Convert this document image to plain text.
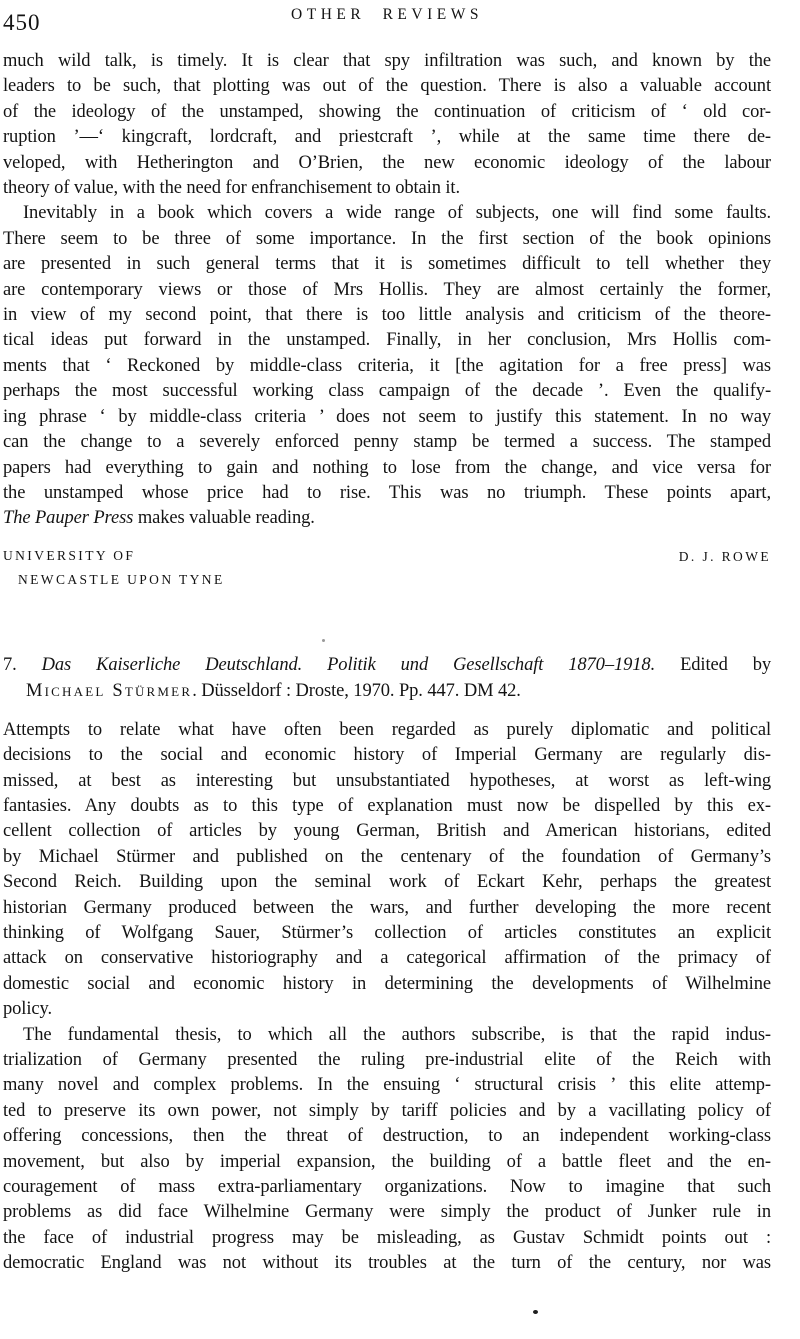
450	OTHER REVIEWS
much wild talk, is timely. It is clear that spy infiltration was such, and known by the
leaders to be such, that plotting was out of the question. There is also a valuable account
of the ideology of the unstamped, showing the continuation of criticism of ‘ old cor-
ruption ’—‘ kingcraft, lordcraft, and priestcraft ’, while at the same time there de-
veloped, with Hetherington and O’Brien, the new economic ideology of the labour
theory of value, with the need for enfranchisement to obtain it.
Inevitably in a book which covers a wide range of subjects, one will find some faults.
There seem to be three of some importance. In the first section of the book opinions
are presented in such general terms that it is sometimes difficult to tell whether they
are contemporary views or those of Mrs Hollis. They are almost certainly the former,
in view of my second point, that there is too little analysis and criticism of the theore-
tical ideas put forward in the unstamped. Finally, in her conclusion, Mrs Hollis com-
ments that ‘ Reckoned by middle-class criteria, it [the agitation for a free press] was
perhaps the most successful working class campaign of the decade ’. Even the qualify-
ing phrase ‘ by middle-class criteria ’ does not seem to justify this statement. In no way
can the change to a severely enforced penny stamp be termed a success. The stamped
papers had everything to gain and nothing to lose from the change, and vice versa for
the unstamped whose price had to rise. This was no triumph. These points apart,
The Pauper Press makes valuable reading.
UNIVERSITY OF
NEWCASTLE UPON TYNE
D. J. ROWE
7. Das Kaiserliche Deutschland. Politik und Gesellschaft 1870–1918. Edited by
Michael Stürmer. Düsseldorf : Droste, 1970. Pp. 447. DM 42.
Attempts to relate what have often been regarded as purely diplomatic and political
decisions to the social and economic history of Imperial Germany are regularly dis-
missed, at best as interesting but unsubstantiated hypotheses, at worst as left-wing
fantasies. Any doubts as to this type of explanation must now be dispelled by this ex-
cellent collection of articles by young German, British and American historians, edited
by Michael Stürmer and published on the centenary of the foundation of Germany’s
Second Reich. Building upon the seminal work of Eckart Kehr, perhaps the greatest
historian Germany produced between the wars, and further developing the more recent
thinking of Wolfgang Sauer, Stürmer’s collection of articles constitutes an explicit
attack on conservative historiography and a categorical affirmation of the primacy of
domestic social and economic history in determining the developments of Wilhelmine
policy.
The fundamental thesis, to which all the authors subscribe, is that the rapid indus-
trialization of Germany presented the ruling pre-industrial elite of the Reich with
many novel and complex problems. In the ensuing ‘ structural crisis ’ this elite attemp-
ted to preserve its own power, not simply by tariff policies and by a vacillating policy of
offering concessions, then the threat of destruction, to an independent working-class
movement, but also by imperial expansion, the building of a battle fleet and the en-
couragement of mass extra-parliamentary organizations. Now to imagine that such
problems as did face Wilhelmine Germany were simply the product of Junker rule in
the face of industrial progress may be misleading, as Gustav Schmidt points out :
democratic England was not without its troubles at the turn of the century, nor was
